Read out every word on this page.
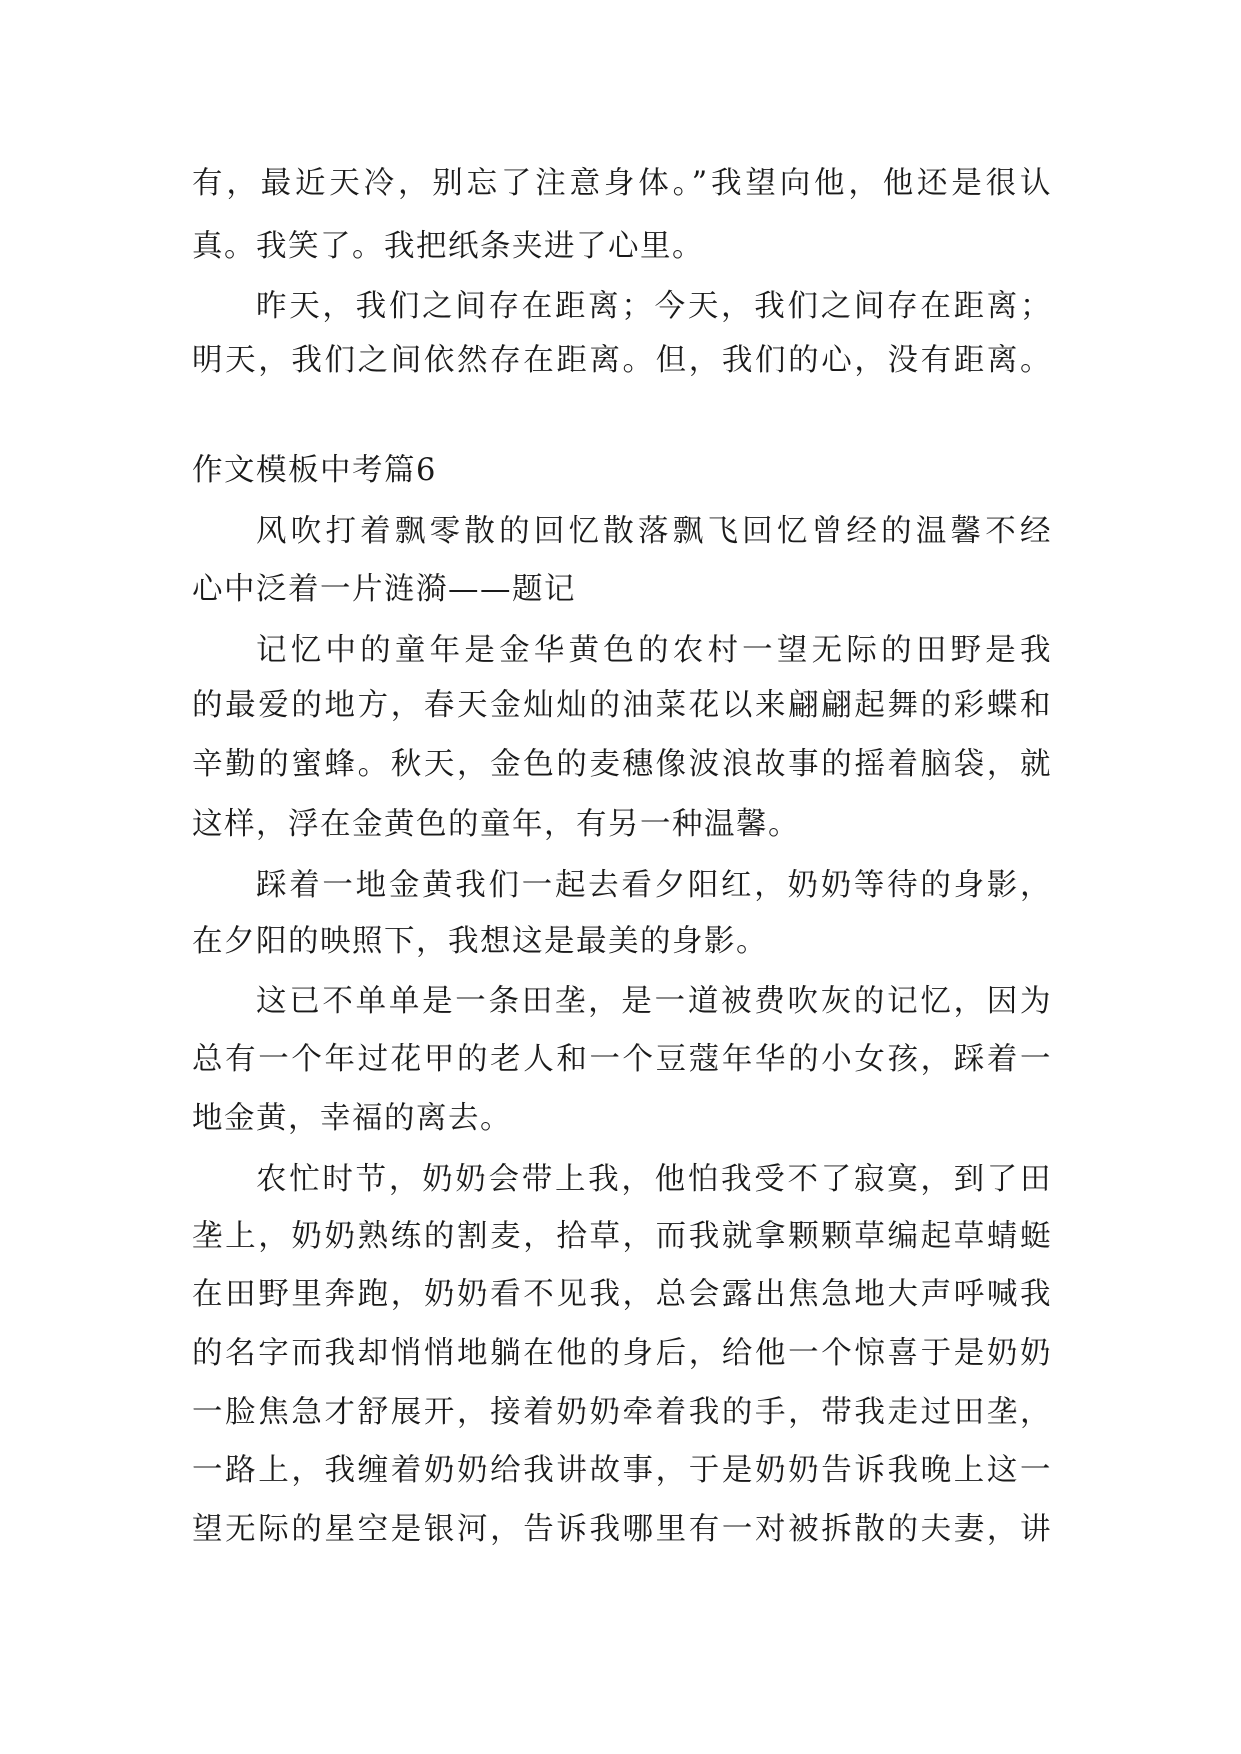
有，最近天冷，别忘了注意身体。”我望向他，他还是很认
真。我笑了。我把纸条夹进了心里。
昨天，我们之间存在距离；今天，我们之间存在距离；
明天，我们之间依然存在距离。但，我们的心，没有距离。
作文模板中考篇6
风吹打着飘零散的回忆散落飘飞回忆曾经的温馨不经
心中泛着一片涟漪——题记
记忆中的童年是金华黄色的农村一望无际的田野是我
的最爱的地方，春天金灿灿的油菜花以来翩翩起舞的彩蝶和
辛勤的蜜蜂。秋天，金色的麦穗像波浪故事的摇着脑袋，就
这样，浮在金黄色的童年，有另一种温馨。
踩着一地金黄我们一起去看夕阳红，奶奶等待的身影，
在夕阳的映照下，我想这是最美的身影。
这已不单单是一条田垄，是一道被费吹灰的记忆，因为
总有一个年过花甲的老人和一个豆蔻年华的小女孩，踩着一
地金黄，幸福的离去。
农忙时节，奶奶会带上我，他怕我受不了寂寞，到了田
垄上，奶奶熟练的割麦，拾草，而我就拿颗颗草编起草蜻蜓
在田野里奔跑，奶奶看不见我，总会露出焦急地大声呼喊我
的名字而我却悄悄地躺在他的身后，给他一个惊喜于是奶奶
一脸焦急才舒展开，接着奶奶牵着我的手，带我走过田垄，
一路上，我缠着奶奶给我讲故事，于是奶奶告诉我晚上这一
望无际的星空是银河，告诉我哪里有一对被拆散的夫妻，讲
